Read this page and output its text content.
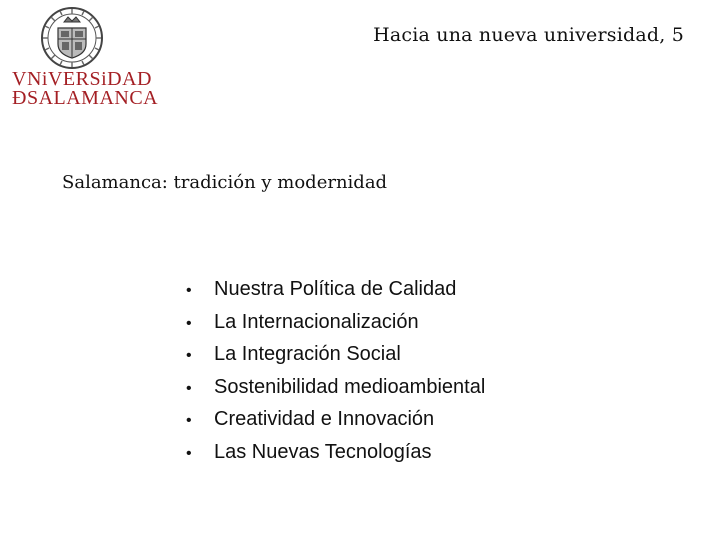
VNiVERSiDAD
ÐSALAMANCA
Hacia una nueva universidad, 5
Salamanca: tradición y modernidad
•	Nuestra Política de Calidad
•	La Internacionalización
•	La Integración Social
•	Sostenibilidad medioambiental
•	Creatividad e Innovación
•	Las Nuevas Tecnologías
